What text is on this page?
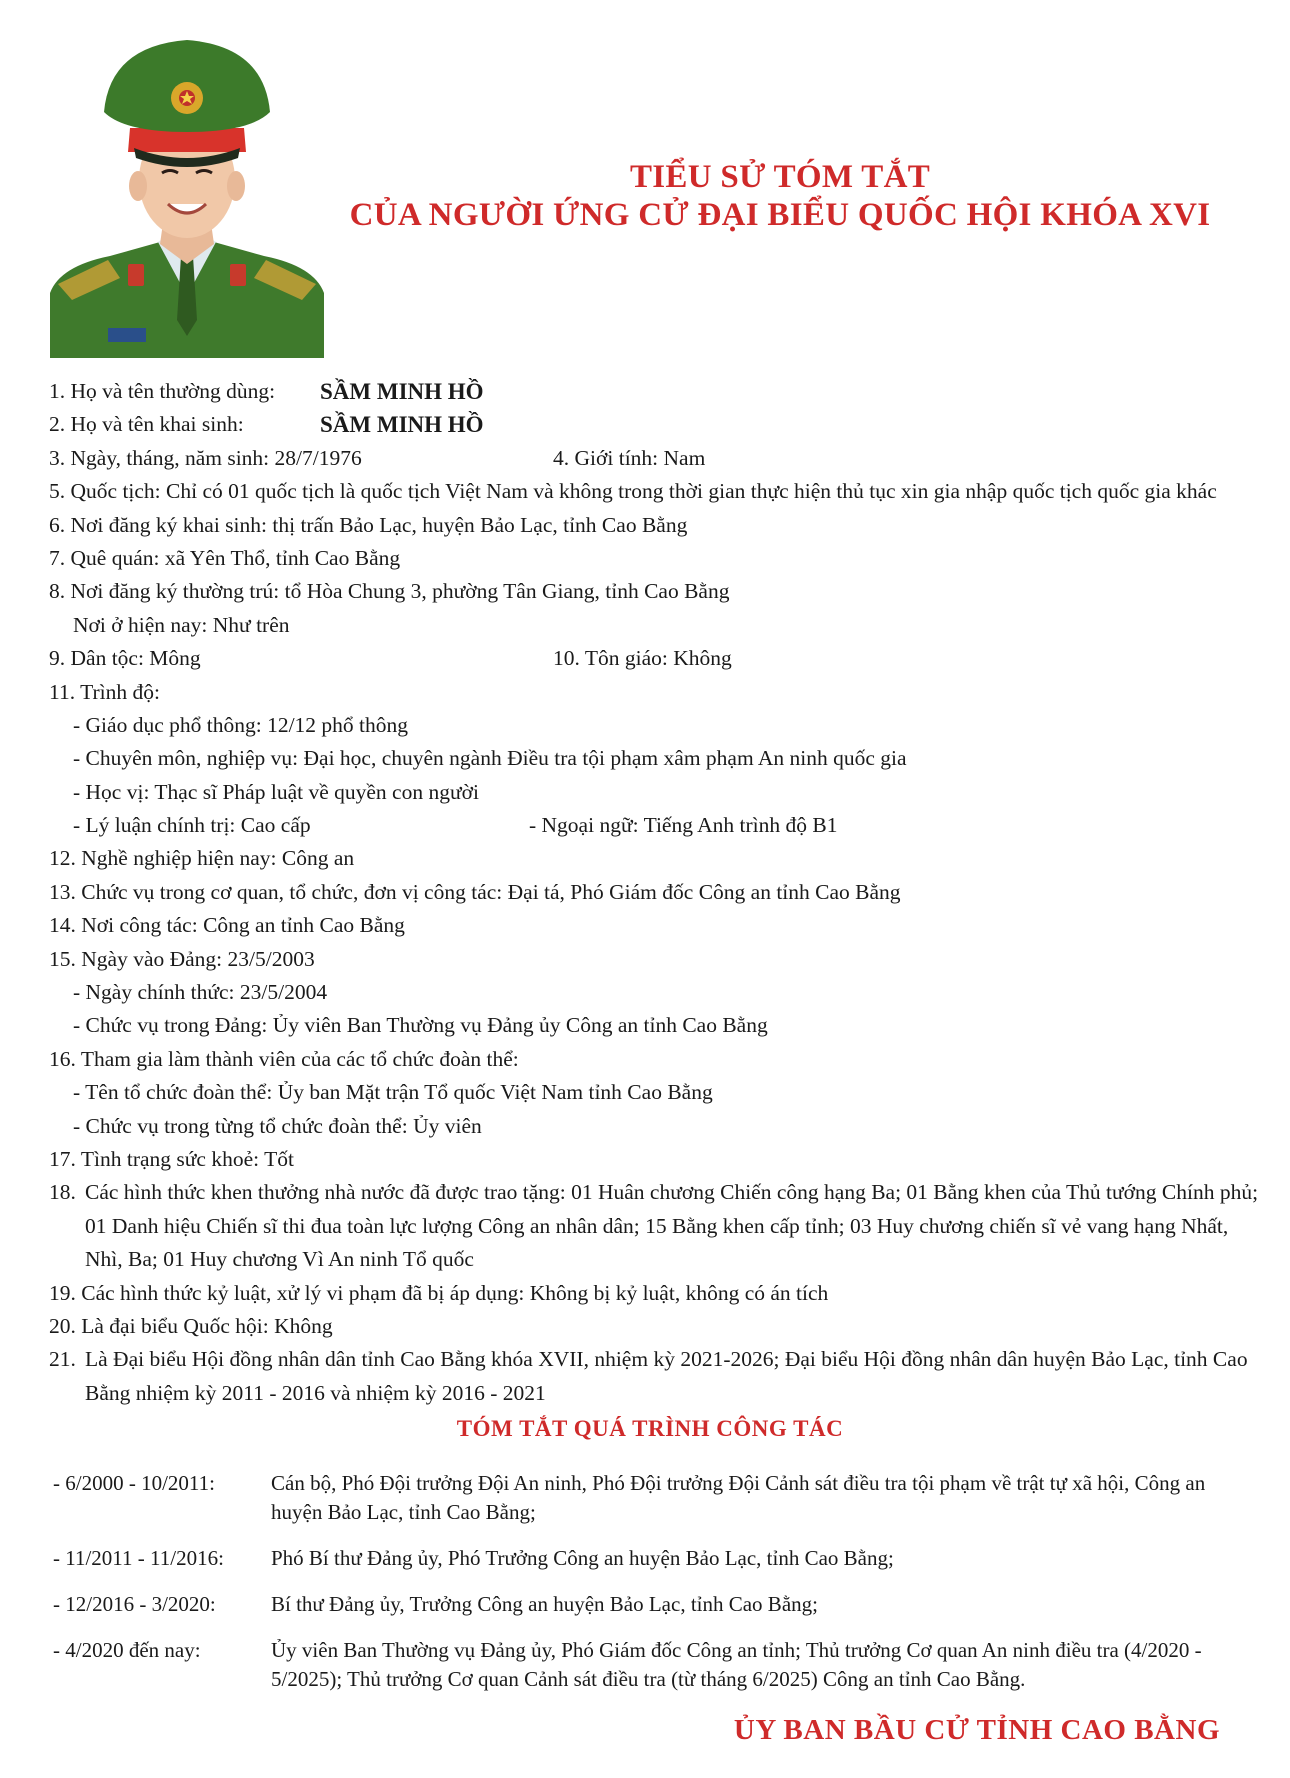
TIỂU SỬ TÓM TẮT
CỦA NGƯỜI ỨNG CỬ ĐẠI BIỂU QUỐC HỘI KHÓA XVI
1. Họ và tên thường dùng: SẦM MINH HỒ
2. Họ và tên khai sinh:	SẦM MINH HỒ
3. Ngày, tháng, năm sinh: 28/7/1976	4. Giới tính: Nam
5. Quốc tịch: Chỉ có 01 quốc tịch là quốc tịch Việt Nam và không trong thời gian thực hiện thủ tục xin gia nhập quốc tịch quốc gia khác
6. Nơi đăng ký khai sinh: thị trấn Bảo Lạc, huyện Bảo Lạc, tỉnh Cao Bằng
7. Quê quán: xã Yên Thổ, tỉnh Cao Bằng
8. Nơi đăng ký thường trú: tổ Hòa Chung 3, phường Tân Giang, tỉnh Cao Bằng
Nơi ở hiện nay: Như trên
9. Dân tộc: Mông	10. Tôn giáo: Không
11. Trình độ:
- Giáo dục phổ thông: 12/12 phổ thông
- Chuyên môn, nghiệp vụ: Đại học, chuyên ngành Điều tra tội phạm xâm phạm An ninh quốc gia
- Học vị: Thạc sĩ Pháp luật về quyền con người
- Lý luận chính trị: Cao cấp	- Ngoại ngữ: Tiếng Anh trình độ B1
12. Nghề nghiệp hiện nay: Công an
13. Chức vụ trong cơ quan, tổ chức, đơn vị công tác: Đại tá, Phó Giám đốc Công an tỉnh Cao Bằng
14. Nơi công tác: Công an tỉnh Cao Bằng
15. Ngày vào Đảng: 23/5/2003
- Ngày chính thức: 23/5/2004
- Chức vụ trong Đảng: Ủy viên Ban Thường vụ Đảng ủy Công an tỉnh Cao Bằng
16. Tham gia làm thành viên của các tổ chức đoàn thể:
- Tên tổ chức đoàn thể: Ủy ban Mặt trận Tổ quốc Việt Nam tỉnh Cao Bằng
- Chức vụ trong từng tổ chức đoàn thể: Ủy viên
17. Tình trạng sức khoẻ: Tốt
18. Các hình thức khen thưởng nhà nước đã được trao tặng: 01 Huân chương Chiến công hạng Ba; 01 Bằng khen của Thủ tướng Chính phủ; 01 Danh hiệu Chiến sĩ thi đua toàn lực lượng Công an nhân dân; 15 Bằng khen cấp tỉnh; 03 Huy chương chiến sĩ vẻ vang hạng Nhất, Nhì, Ba; 01 Huy chương Vì An ninh Tổ quốc
19. Các hình thức kỷ luật, xử lý vi phạm đã bị áp dụng: Không bị kỷ luật, không có án tích
20. Là đại biểu Quốc hội: Không
21. Là Đại biểu Hội đồng nhân dân tỉnh Cao Bằng khóa XVII, nhiệm kỳ 2021-2026; Đại biểu Hội đồng nhân dân huyện Bảo Lạc, tỉnh Cao Bằng nhiệm kỳ 2011 - 2016 và nhiệm kỳ 2016 - 2021
TÓM TẮT QUÁ TRÌNH CÔNG TÁC
- 6/2000 - 10/2011:	Cán bộ, Phó Đội trưởng Đội An ninh, Phó Đội trưởng Đội Cảnh sát điều tra tội phạm về trật tự xã hội, Công an huyện Bảo Lạc, tỉnh Cao Bằng;
- 11/2011 - 11/2016: Phó Bí thư Đảng ủy, Phó Trưởng Công an huyện Bảo Lạc, tỉnh Cao Bằng;
- 12/2016 - 3/2020:	Bí thư Đảng ủy, Trưởng Công an huyện Bảo Lạc, tỉnh Cao Bằng;
- 4/2020 đến nay:	Ủy viên Ban Thường vụ Đảng ủy, Phó Giám đốc Công an tỉnh; Thủ trưởng Cơ quan An ninh điều tra (4/2020 - 5/2025); Thủ trưởng Cơ quan Cảnh sát điều tra (từ tháng 6/2025) Công an tỉnh Cao Bằng.
ỦY BAN BẦU CỬ TỈNH CAO BẰNG
